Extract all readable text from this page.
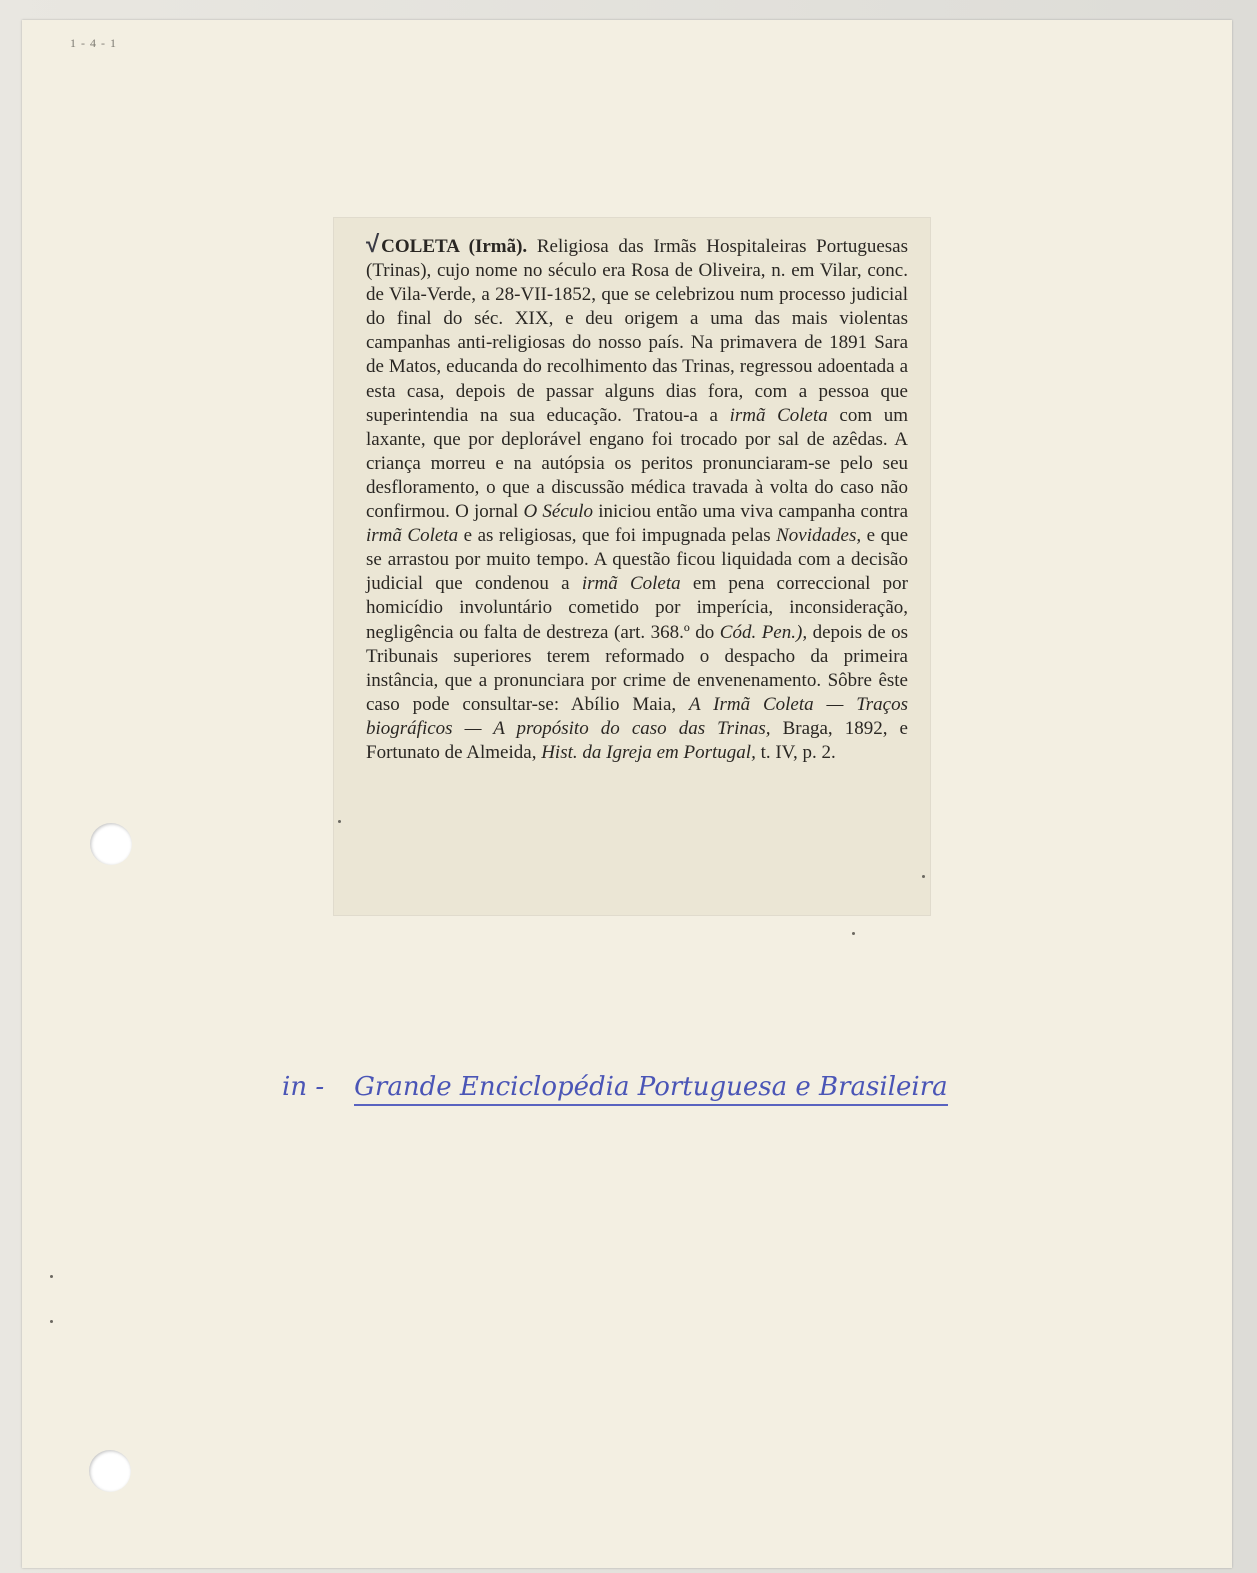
1 - 4 - 1
√ COLETA (Irmã). Religiosa das Irmãs Hospitaleiras Portuguesas (Trinas), cujo nome no século era Rosa de Oliveira, n. em Vilar, conc. de Vila-Verde, a 28-VII-1852, que se celebrizou num processo judicial do final do séc. XIX, e deu origem a uma das mais violentas campanhas anti-religiosas do nosso país. Na primavera de 1891 Sara de Matos, educanda do recolhimento das Trinas, regressou adoentada a esta casa, depois de passar alguns dias fora, com a pessoa que superintendia na sua educação. Tratou-a a irmã Coleta com um laxante, que por deplorável engano foi trocado por sal de azêdas. A criança morreu e na autópsia os peritos pronunciaram-se pelo seu desfloramento, o que a discussão médica travada à volta do caso não confirmou. O jornal O Século iniciou então uma viva campanha contra irmã Coleta e as religiosas, que foi impugnada pelas Novidades, e que se arrastou por muito tempo. A questão ficou liquidada com a decisão judicial que condenou a irmã Coleta em pena correccional por homicídio involuntário cometido por imperícia, inconsideração, negligência ou falta de destreza (art. 368.º do Cód. Pen.), depois de os Tribunais superiores terem reformado o despacho da primeira instância, que a pronunciara por crime de envenenamento. Sôbre êste caso pode consultar-se: Abílio Maia, A Irmã Coleta — Traços biográficos — A propósito do caso das Trinas, Braga, 1892, e Fortunato de Almeida, Hist. da Igreja em Portugal, t. IV, p. 2.
in - Grande Enciclopédia Portuguesa e Brasileira
